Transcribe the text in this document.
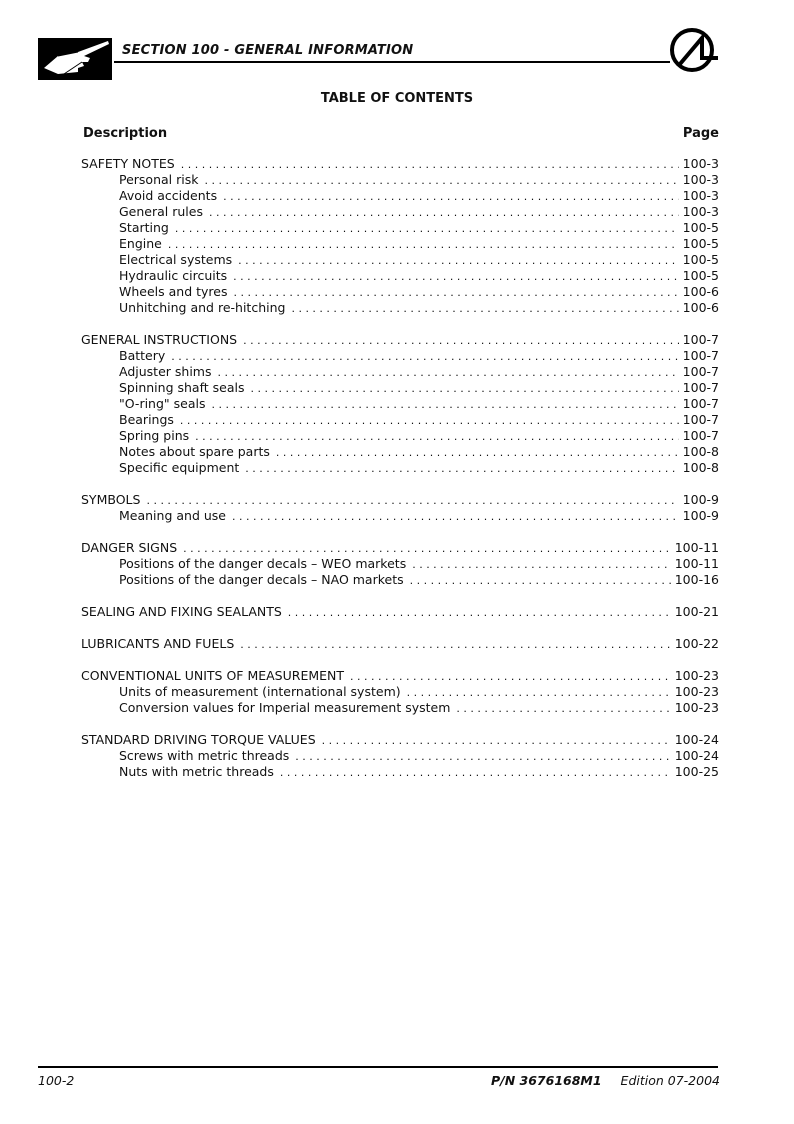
SECTION 100 - GENERAL INFORMATION
TABLE OF CONTENTS
Description	Page
SAFETY NOTES . . .	100-3
Personal risk . . .	100-3
Avoid accidents . . .	100-3
General rules . . .	100-3
Starting . . .	100-5
Engine . . .	100-5
Electrical systems . . .	100-5
Hydraulic circuits . . .	100-5
Wheels and tyres . . .	100-6
Unhitching and re-hitching . . .	100-6
GENERAL INSTRUCTIONS . . .	100-7
Battery . . .	100-7
Adjuster shims . . .	100-7
Spinning shaft seals . . .	100-7
"O-ring" seals . . .	100-7
Bearings . . .	100-7
Spring pins . . .	100-7
Notes about spare parts . . .	100-8
Specific equipment . . .	100-8
SYMBOLS . . .	100-9
Meaning and use . . .	100-9
DANGER SIGNS . . .	100-11
Positions of the danger decals – WEO markets . . .	100-11
Positions of the danger decals – NAO markets . . .	100-16
SEALING AND FIXING SEALANTS . . .	100-21
LUBRICANTS AND FUELS . . .	100-22
CONVENTIONAL UNITS OF MEASUREMENT . . .	100-23
Units of measurement (international system) . . .	100-23
Conversion values for Imperial measurement system . . .	100-23
STANDARD DRIVING TORQUE VALUES . . .	100-24
Screws with metric threads . . .	100-24
Nuts with metric threads . . .	100-25
100-2	P/N 3676168M1 Edition 07-2004
